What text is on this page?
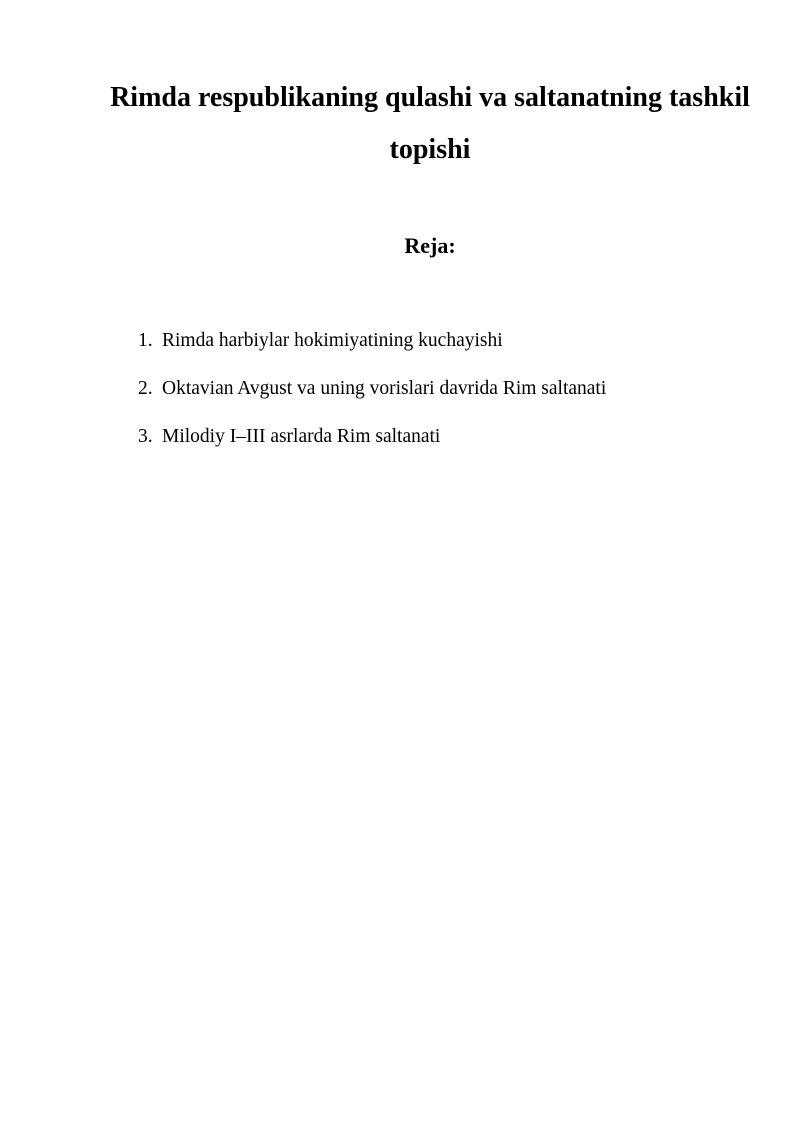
Rimda respublikaning qulashi va saltanatning tashkil topishi
Reja:
1. Rimda harbiylar hokimiyatining kuchayishi
2. Oktavian Avgust va uning vorislari davrida Rim saltanati
3. Milodiy I–III asrlarda Rim saltanati
